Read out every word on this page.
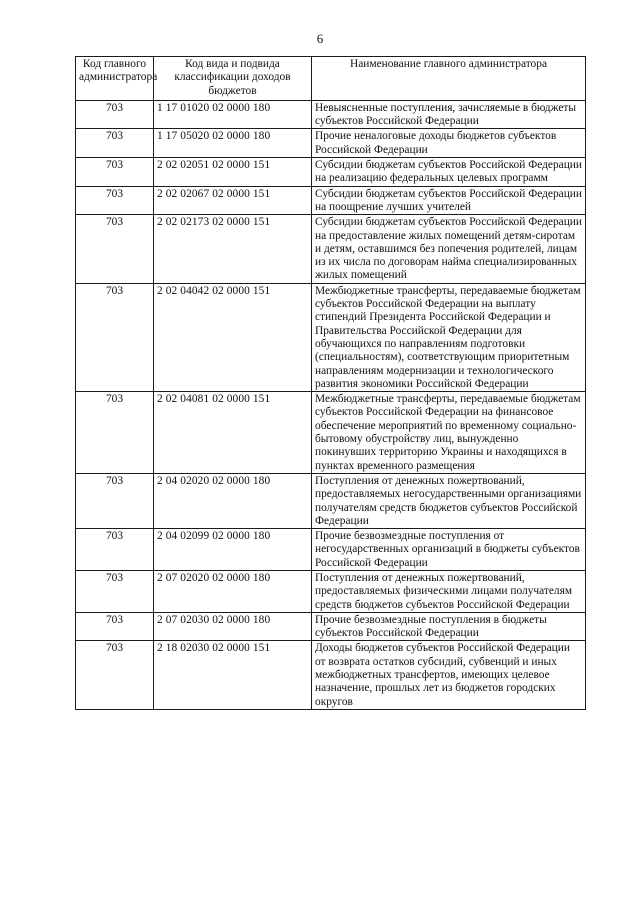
6
Код главного администратора	Код вида и подвида классификации доходов бюджетов	Наименование главного администратора
703	1 17 01020 02 0000 180	Невыясненные поступления, зачисляемые в бюджеты субъектов Российской Федерации
703	1 17 05020 02 0000 180	Прочие неналоговые доходы бюджетов субъектов Российской Федерации
703	2 02 02051 02 0000 151	Субсидии бюджетам субъектов Российской Федерации на реализацию федеральных целевых программ
703	2 02 02067 02 0000 151	Субсидии бюджетам субъектов Российской Федерации на поощрение лучших учителей
703	2 02 02173 02 0000 151	Субсидии бюджетам субъектов Российской Федерации на предоставление жилых помещений детям-сиротам и детям, оставшимся без попечения родителей, лицам из их числа по договорам найма специализированных жилых помещений
703	2 02 04042 02 0000 151	Межбюджетные трансферты, передаваемые бюджетам субъектов Российской Федерации на выплату стипендий Президента Российской Федерации и Правительства Российской Федерации для обучающихся по направлениям подготовки (специальностям), соответствующим приоритетным направлениям модернизации и технологического развития экономики Российской Федерации
703	2 02 04081 02 0000 151	Межбюджетные трансферты, передаваемые бюджетам субъектов Российской Федерации на финансовое обеспечение мероприятий по временному социально-бытовому обустройству лиц, вынужденно покинувших территорию Украины и находящихся в пунктах временного размещения
703	2 04 02020 02 0000 180	Поступления от денежных пожертвований, предоставляемых негосударственными организациями получателям средств бюджетов субъектов Российской Федерации
703	2 04 02099 02 0000 180	Прочие безвозмездные поступления от негосударственных организаций в бюджеты субъектов Российской Федерации
703	2 07 02020 02 0000 180	Поступления от денежных пожертвований, предоставляемых физическими лицами получателям средств бюджетов субъектов Российской Федерации
703	2 07 02030 02 0000 180	Прочие безвозмездные поступления в бюджеты субъектов Российской Федерации
703	2 18 02030 02 0000 151	Доходы бюджетов субъектов Российской Федерации от возврата остатков субсидий, субвенций и иных межбюджетных трансфертов, имеющих целевое назначение, прошлых лет из бюджетов городских округов
